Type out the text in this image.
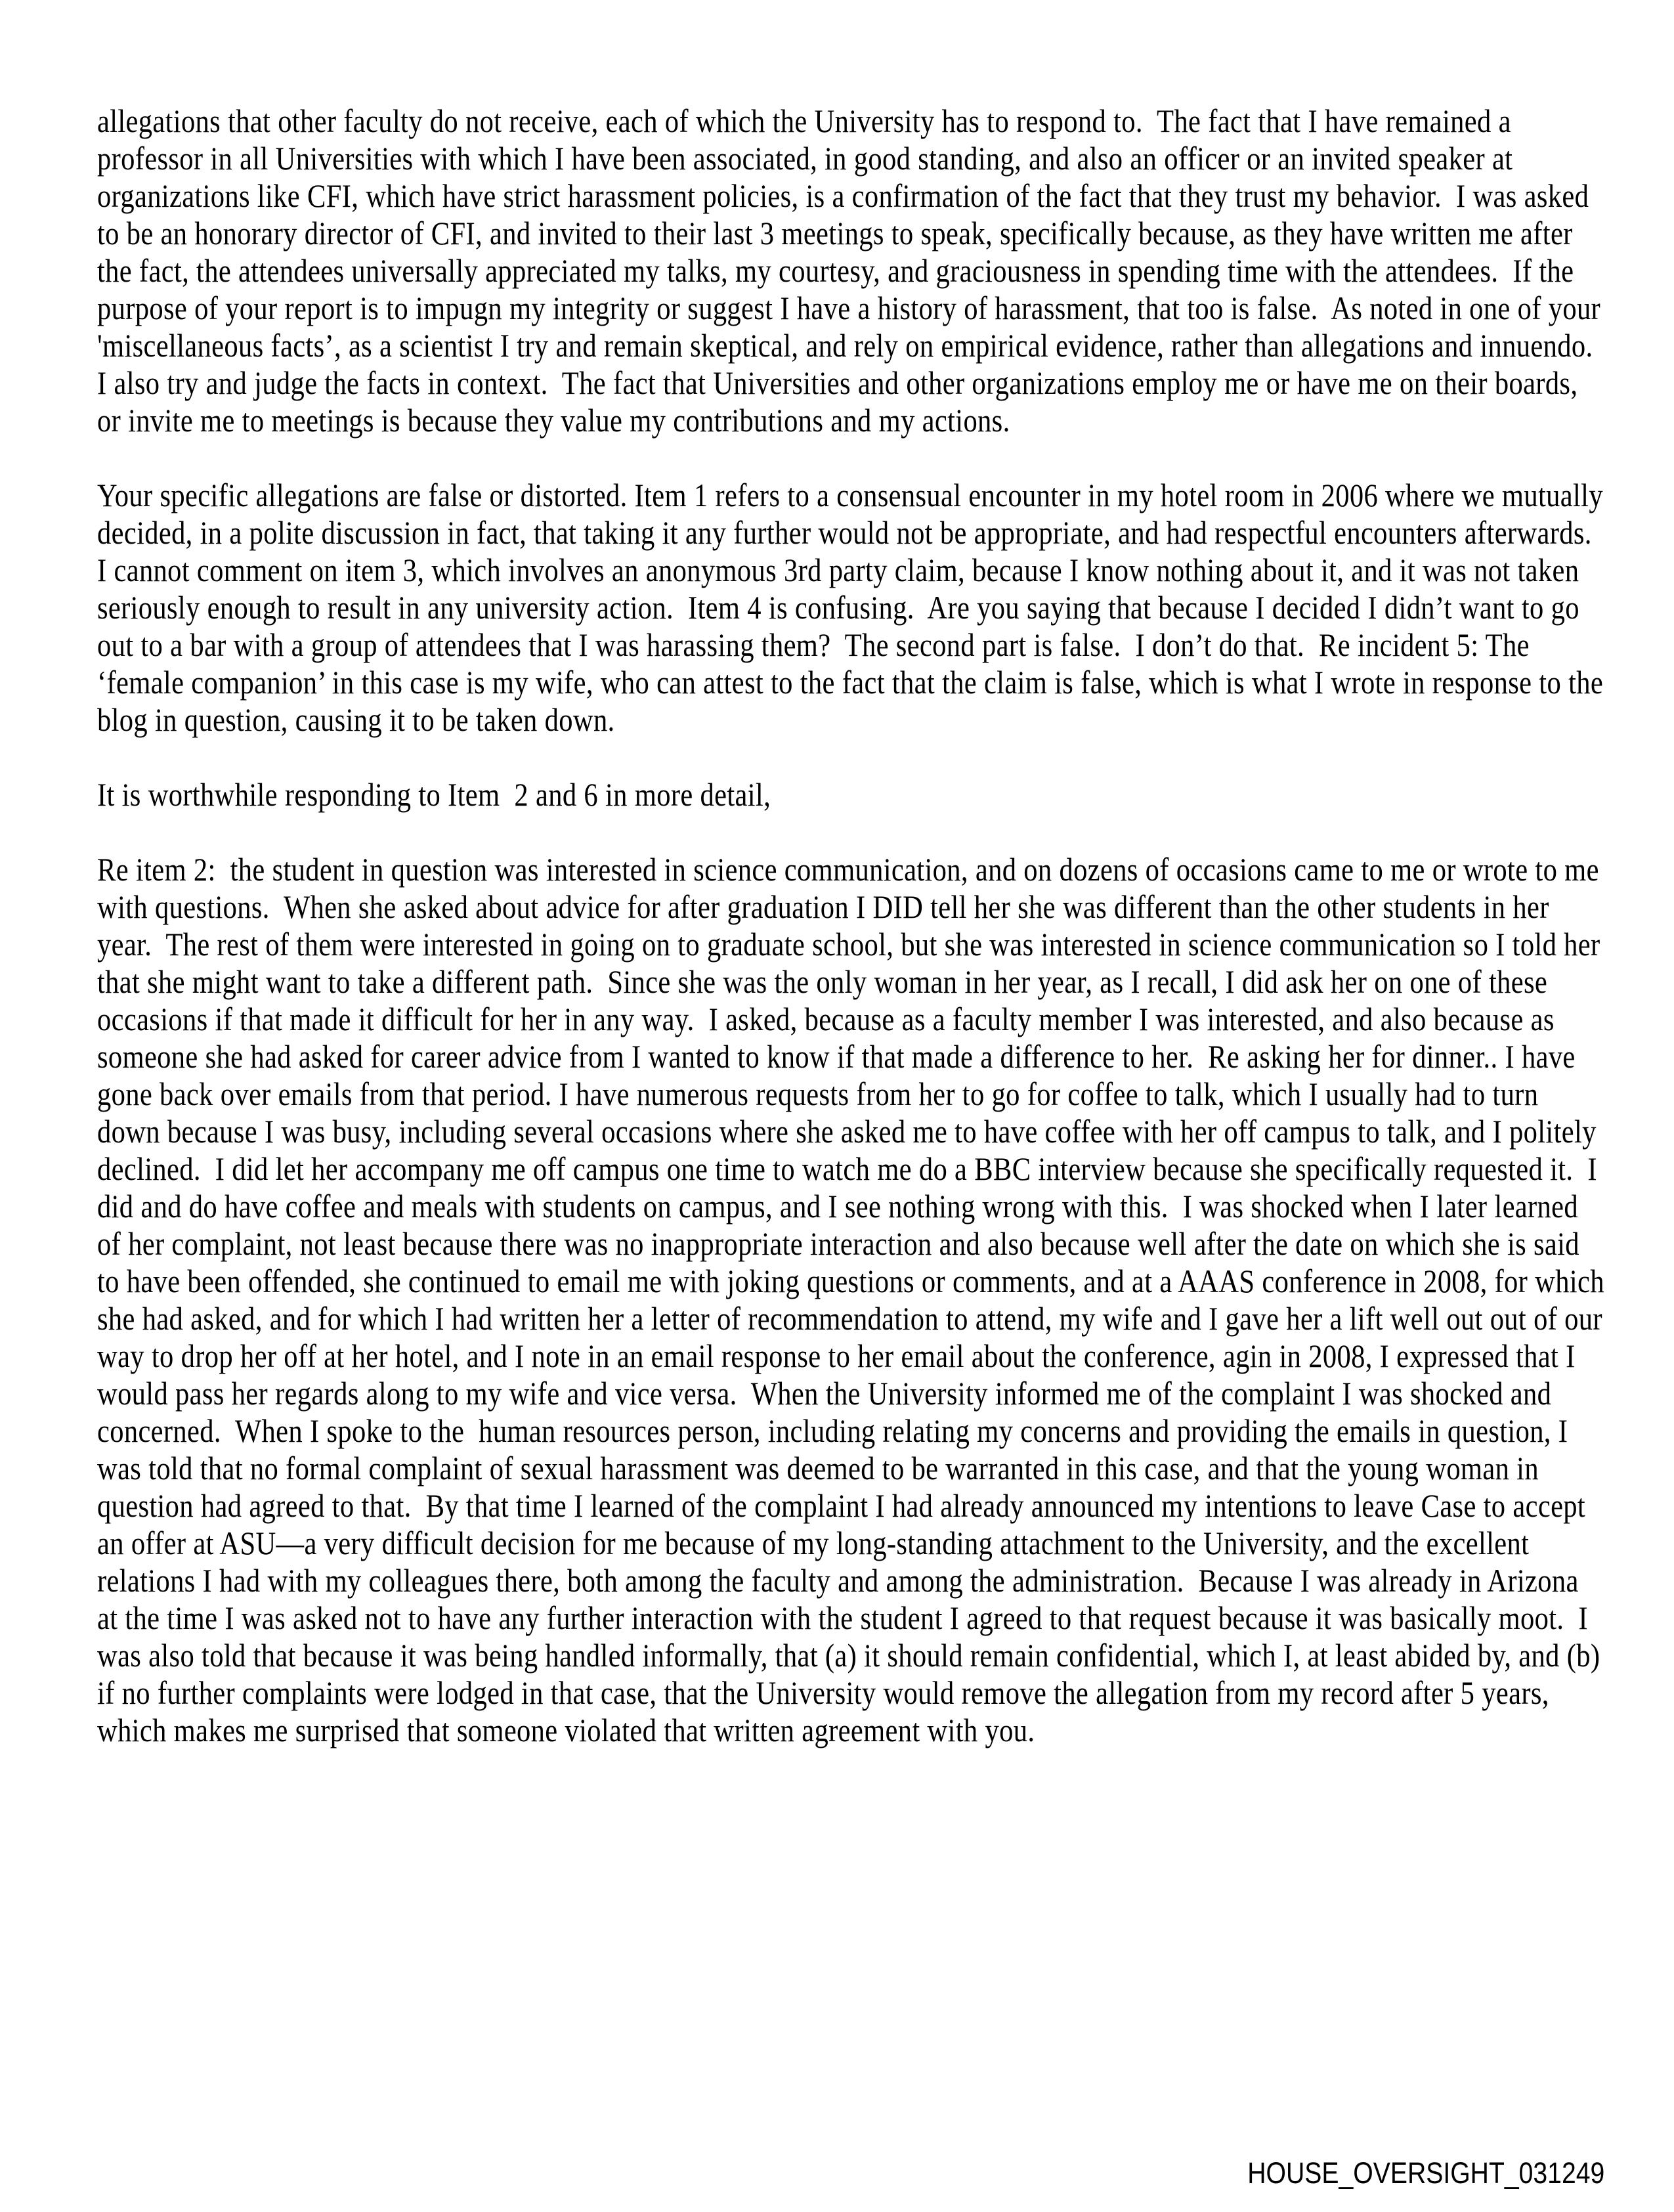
allegations that other faculty do not receive, each of which the University has to respond to.  The fact that I have remained a professor in all Universities with which I have been associated, in good standing, and also an officer or an invited speaker at organizations like CFI, which have strict harassment policies, is a confirmation of the fact that they trust my behavior.  I was asked to be an honorary director of CFI, and invited to their last 3 meetings to speak, specifically because, as they have written me after the fact, the attendees universally appreciated my talks, my courtesy, and graciousness in spending time with the attendees.  If the purpose of your report is to impugn my integrity or suggest I have a history of harassment, that too is false.  As noted in one of your 'miscellaneous facts’, as a scientist I try and remain skeptical, and rely on empirical evidence, rather than allegations and innuendo.  I also try and judge the facts in context.  The fact that Universities and other organizations employ me or have me on their boards, or invite me to meetings is because they value my contributions and my actions.

Your specific allegations are false or distorted. Item 1 refers to a consensual encounter in my hotel room in 2006 where we mutually decided, in a polite discussion in fact, that taking it any further would not be appropriate, and had respectful encounters afterwards. I cannot comment on item 3, which involves an anonymous 3rd party claim, because I know nothing about it, and it was not taken seriously enough to result in any university action.  Item 4 is confusing.  Are you saying that because I decided I didn’t want to go out to a bar with a group of attendees that I was harassing them?  The second part is false.  I don’t do that.  Re incident 5: The ‘female companion’ in this case is my wife, who can attest to the fact that the claim is false, which is what I wrote in response to the blog in question, causing it to be taken down.

It is worthwhile responding to Item  2 and 6 in more detail,

Re item 2:  the student in question was interested in science communication, and on dozens of occasions came to me or wrote to me with questions.  When she asked about advice for after graduation I DID tell her she was different than the other students in her year.  The rest of them were interested in going on to graduate school, but she was interested in science communication so I told her that she might want to take a different path.  Since she was the only woman in her year, as I recall, I did ask her on one of these occasions if that made it difficult for her in any way.  I asked, because as a faculty member I was interested, and also because as someone she had asked for career advice from I wanted to know if that made a difference to her.  Re asking her for dinner.. I have gone back over emails from that period. I have numerous requests from her to go for coffee to talk, which I usually had to turn down because I was busy, including several occasions where she asked me to have coffee with her off campus to talk, and I politely declined.  I did let her accompany me off campus one time to watch me do a BBC interview because she specifically requested it.  I did and do have coffee and meals with students on campus, and I see nothing wrong with this.  I was shocked when I later learned of her complaint, not least because there was no inappropriate interaction and also because well after the date on which she is said to have been offended, she continued to email me with joking questions or comments, and at a AAAS conference in 2008, for which she had asked, and for which I had written her a letter of recommendation to attend, my wife and I gave her a lift well out out of our way to drop her off at her hotel, and I note in an email response to her email about the conference, agin in 2008, I expressed that I would pass her regards along to my wife and vice versa.  When the University informed me of the complaint I was shocked and concerned.  When I spoke to the  human resources person, including relating my concerns and providing the emails in question, I was told that no formal complaint of sexual harassment was deemed to be warranted in this case, and that the young woman in question had agreed to that.  By that time I learned of the complaint I had already announced my intentions to leave Case to accept an offer at ASU—a very difficult decision for me because of my long-standing attachment to the University, and the excellent relations I had with my colleagues there, both among the faculty and among the administration.  Because I was already in Arizona at the time I was asked not to have any further interaction with the student I agreed to that request because it was basically moot.  I was also told that because it was being handled informally, that (a) it should remain confidential, which I, at least abided by, and (b) if no further complaints were lodged in that case, that the University would remove the allegation from my record after 5 years, which makes me surprised that someone violated that written agreement with you.

HOUSE_OVERSIGHT_031249
